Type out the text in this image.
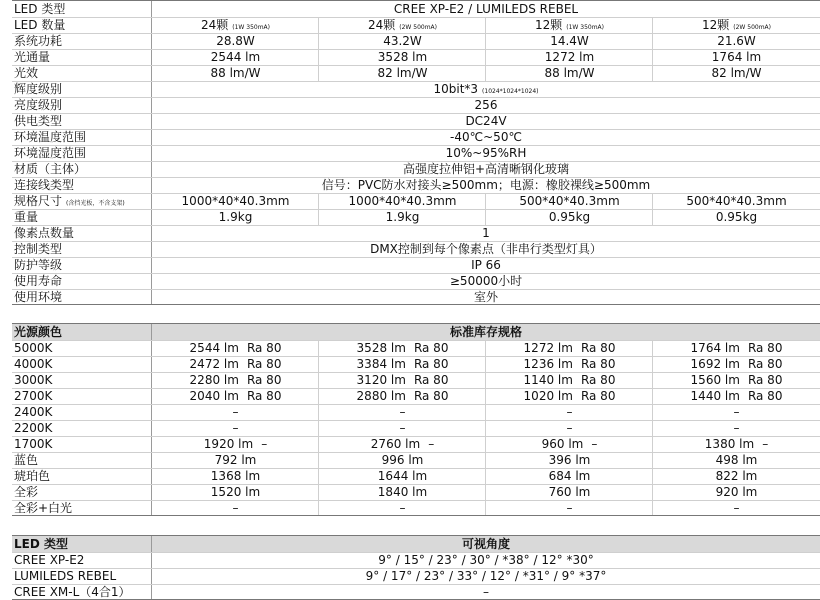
LED 类型	CREE XP-E2 / LUMILEDS REBEL
LED 数量	24颗 (1W 350mA)	24颗 (2W 500mA)	12颗 (1W 350mA)	12颗 (2W 500mA)
系统功耗	28.8W	43.2W	14.4W	21.6W
光通量	2544 lm	3528 lm	1272 lm	1764 lm
光效	88 lm/W	82 lm/W	88 lm/W	82 lm/W
辉度级别	10bit*3 (1024*1024*1024)
亮度级别	256
供电类型	DC24V
环境温度范围	-40℃~50℃
环境湿度范围	10%~95%RH
材质（主体）	高强度拉伸铝+高清晰钢化玻璃
连接线类型	信号：PVC防水对接头≥500mm；电源：橡胶裸线≥500mm
规格尺寸 (含挡光板，不含支架)	1000*40*40.3mm	1000*40*40.3mm	500*40*40.3mm	500*40*40.3mm
重量	1.9kg	1.9kg	0.95kg	0.95kg
像素点数量	1
控制类型	DMX控制到每个像素点（非串行类型灯具）
防护等级	IP 66
使用寿命	≥50000小时
使用环境	室外
光源颜色	标准库存规格
5000K	2544 lm Ra 80	3528 lm Ra 80	1272 lm Ra 80	1764 lm Ra 80
4000K	2472 lm Ra 80	3384 lm Ra 80	1236 lm Ra 80	1692 lm Ra 80
3000K	2280 lm Ra 80	3120 lm Ra 80	1140 lm Ra 80	1560 lm Ra 80
2700K	2040 lm Ra 80	2880 lm Ra 80	1020 lm Ra 80	1440 lm Ra 80
2400K	–	–	–	–
2200K	–	–	–	–
1700K	1920 lm –	2760 lm –	960 lm –	1380 lm –
蓝色	792 lm	996 lm	396 lm	498 lm
琥珀色	1368 lm	1644 lm	684 lm	822 lm
全彩	1520 lm	1840 lm	760 lm	920 lm
全彩+白光	–	–	–	–
LED 类型	可视角度
CREE XP-E2	9° / 15° / 23° / 30° / *38° / 12° *30°
LUMILEDS REBEL	9° / 17° / 23° / 33° / 12° / *31° / 9° *37°
CREE XM-L（4合1）	–
